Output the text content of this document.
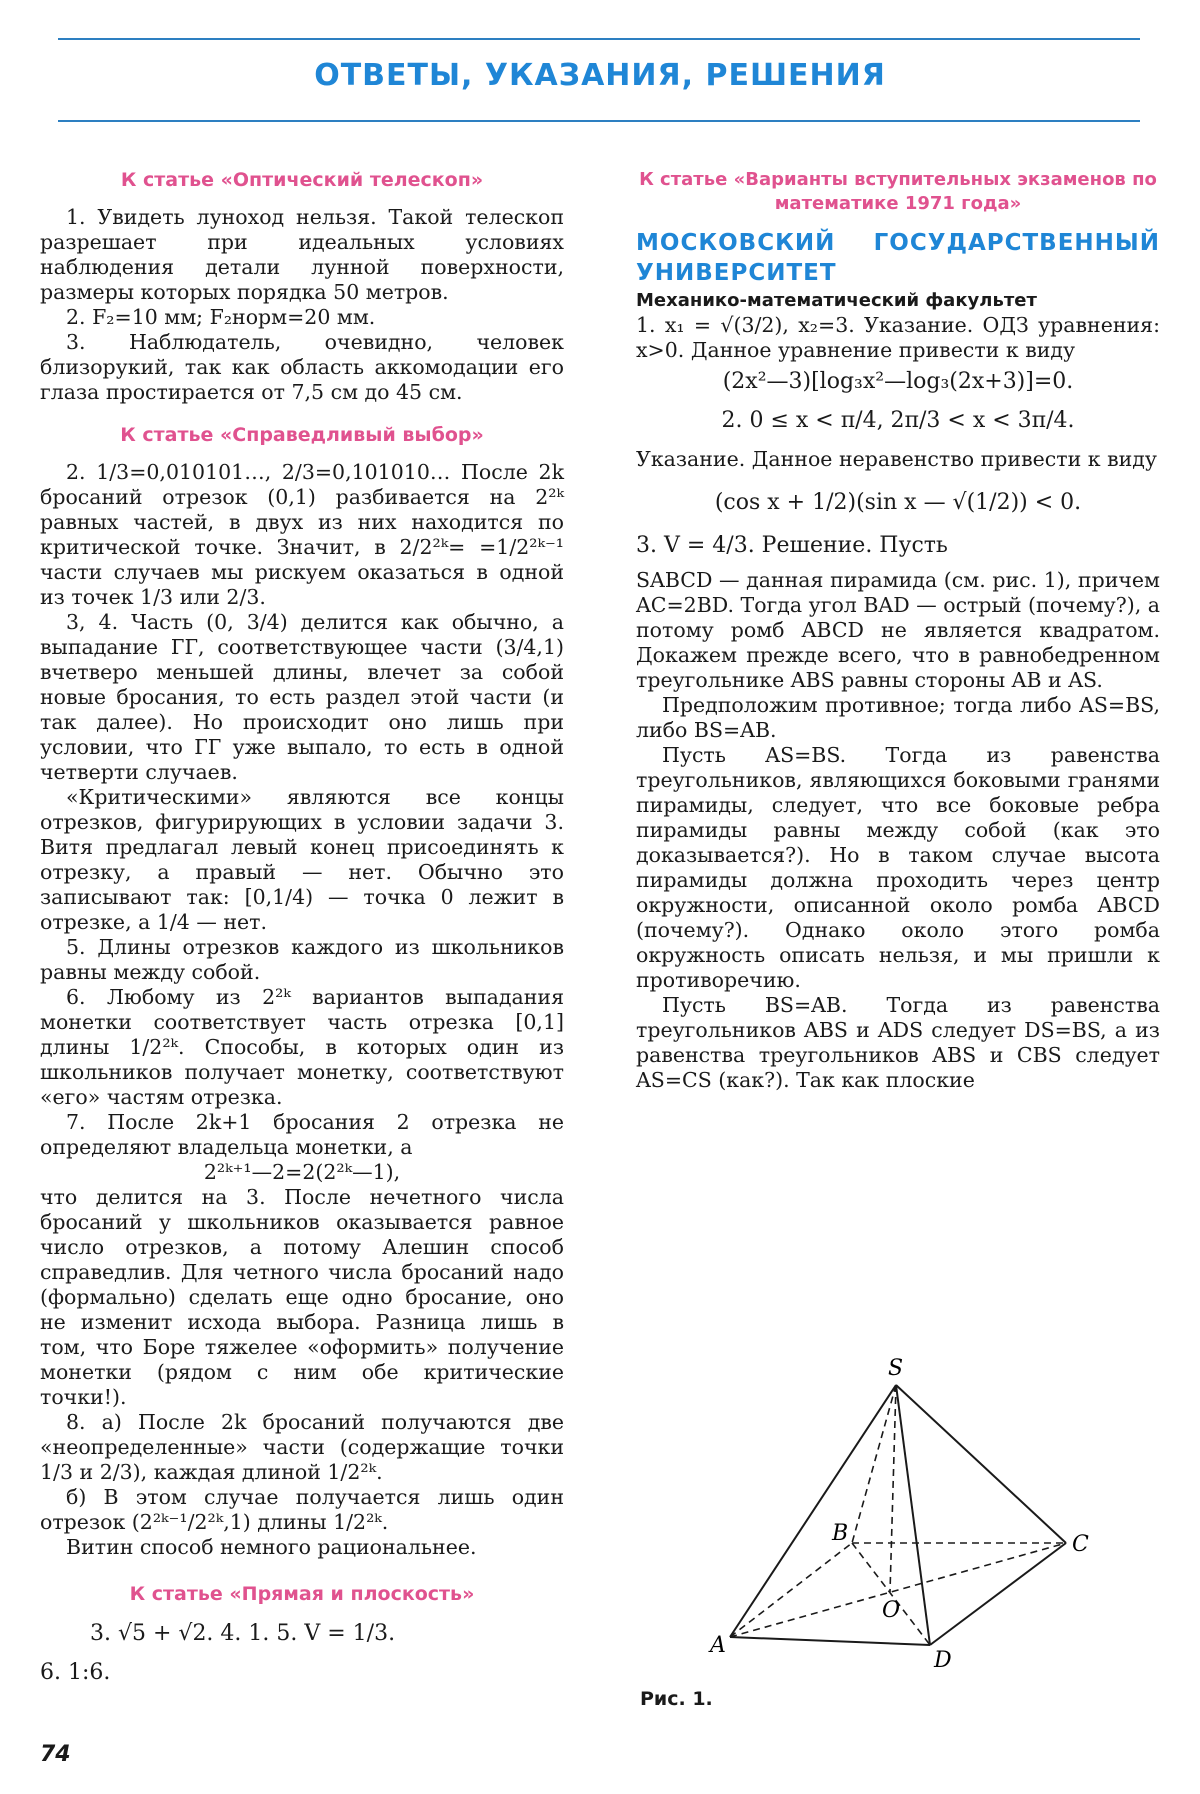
ОТВЕТЫ, УКАЗАНИЯ, РЕШЕНИЯ

К статье «Оптический телескоп»

1. Увидеть луноход нельзя. Такой телескоп разрешает при идеальных условиях наблюдения детали лунной поверхности, размеры которых порядка 50 метров.

2. F₂=10 мм; F₂норм=20 мм.

3. Наблюдатель, очевидно, человек близорукий, так как область аккомодации его глаза простирается от 7,5 см до 45 см.

К статье «Справедливый выбор»

2. 1/3=0,010101…, 2/3=0,101010… После 2k бросаний отрезок (0,1) разбивается на 2²ᵏ равных частей, в двух из них находится по критической точке. Значит, в 2/2²ᵏ= =1/2²ᵏ⁻¹ части случаев мы рискуем оказаться в одной из точек 1/3 или 2/3.

3, 4. Часть (0, 3/4) делится как обычно, а выпадание ГГ, соответствующее части (3/4,1) вчетверо меньшей длины, влечет за собой новые бросания, то есть раздел этой части (и так далее). Но происходит оно лишь при условии, что ГГ уже выпало, то есть в одной четверти случаев.

«Критическими» являются все концы отрезков, фигурирующих в условии задачи 3. Витя предлагал левый конец присоединять к отрезку, а правый — нет. Обычно это записывают так: [0,1/4) — точка 0 лежит в отрезке, а 1/4 — нет.

5. Длины отрезков каждого из школьников равны между собой.

6. Любому из 2²ᵏ вариантов выпадания монетки соответствует часть отрезка [0,1] длины 1/2²ᵏ. Способы, в которых один из школьников получает монетку, соответствуют «его» частям отрезка.

7. После 2k+1 бросания 2 отрезка не определяют владельца монетки, а

2²ᵏ⁺¹—2=2(2²ᵏ—1),

что делится на 3. После нечетного числа бросаний у школьников оказывается равное число отрезков, а потому Алешин способ справедлив. Для четного числа бросаний надо (формально) сделать еще одно бросание, оно не изменит исхода выбора. Разница лишь в том, что Боре тяжелее «оформить» получение монетки (рядом с ним обе критические точки!).

8. а) После 2k бросаний получаются две «неопределенные» части (содержащие точки 1/3 и 2/3), каждая длиной 1/2²ᵏ.

б) В этом случае получается лишь один отрезок (2²ᵏ⁻¹/2²ᵏ,1) длины 1/2²ᵏ.

Витин способ немного рациональнее.

К статье «Прямая и плоскость»

3. √5 + √2. 4. 1. 5. V = 1/3.

6. 1:6.

К статье «Варианты вступительных экзаменов по математике 1971 года»

МОСКОВСКИЙ ГОСУДАРСТВЕННЫЙ УНИВЕРСИТЕТ

Механико-математический факультет

1. x₁ = √(3/2), x₂=3. Указание. ОДЗ уравнения: x>0. Данное уравнение привести к виду

(2x²—3)[log₃x²—log₃(2x+3)]=0.

2. 0 ≤ x < π/4, 2π/3 < x < 3π/4.

Указание. Данное неравенство привести к виду

(cos x + 1/2)(sin x — √(1/2)) < 0.

3. V = 4/3. Решение. Пусть

SABCD — данная пирамида (см. рис. 1), причем AC=2BD. Тогда угол BAD — острый (почему?), а потому ромб ABCD не является квадратом. Докажем прежде всего, что в равнобедренном треугольнике ABS равны стороны AB и AS.

Предположим противное; тогда либо AS=BS, либо BS=AB.

Пусть AS=BS. Тогда из равенства треугольников, являющихся боковыми гранями пирамиды, следует, что все боковые ребра пирамиды равны между собой (как это доказывается?). Но в таком случае высота пирамиды должна проходить через центр окружности, описанной около ромба ABCD (почему?). Однако около этого ромба окружность описать нельзя, и мы пришли к противоречию.

Пусть BS=AB. Тогда из равенства треугольников ABS и ADS следует DS=BS, а из равенства треугольников ABS и CBS следует AS=CS (как?). Так как плоские

S
B	C
O
A
D
Рис. 1.
74
